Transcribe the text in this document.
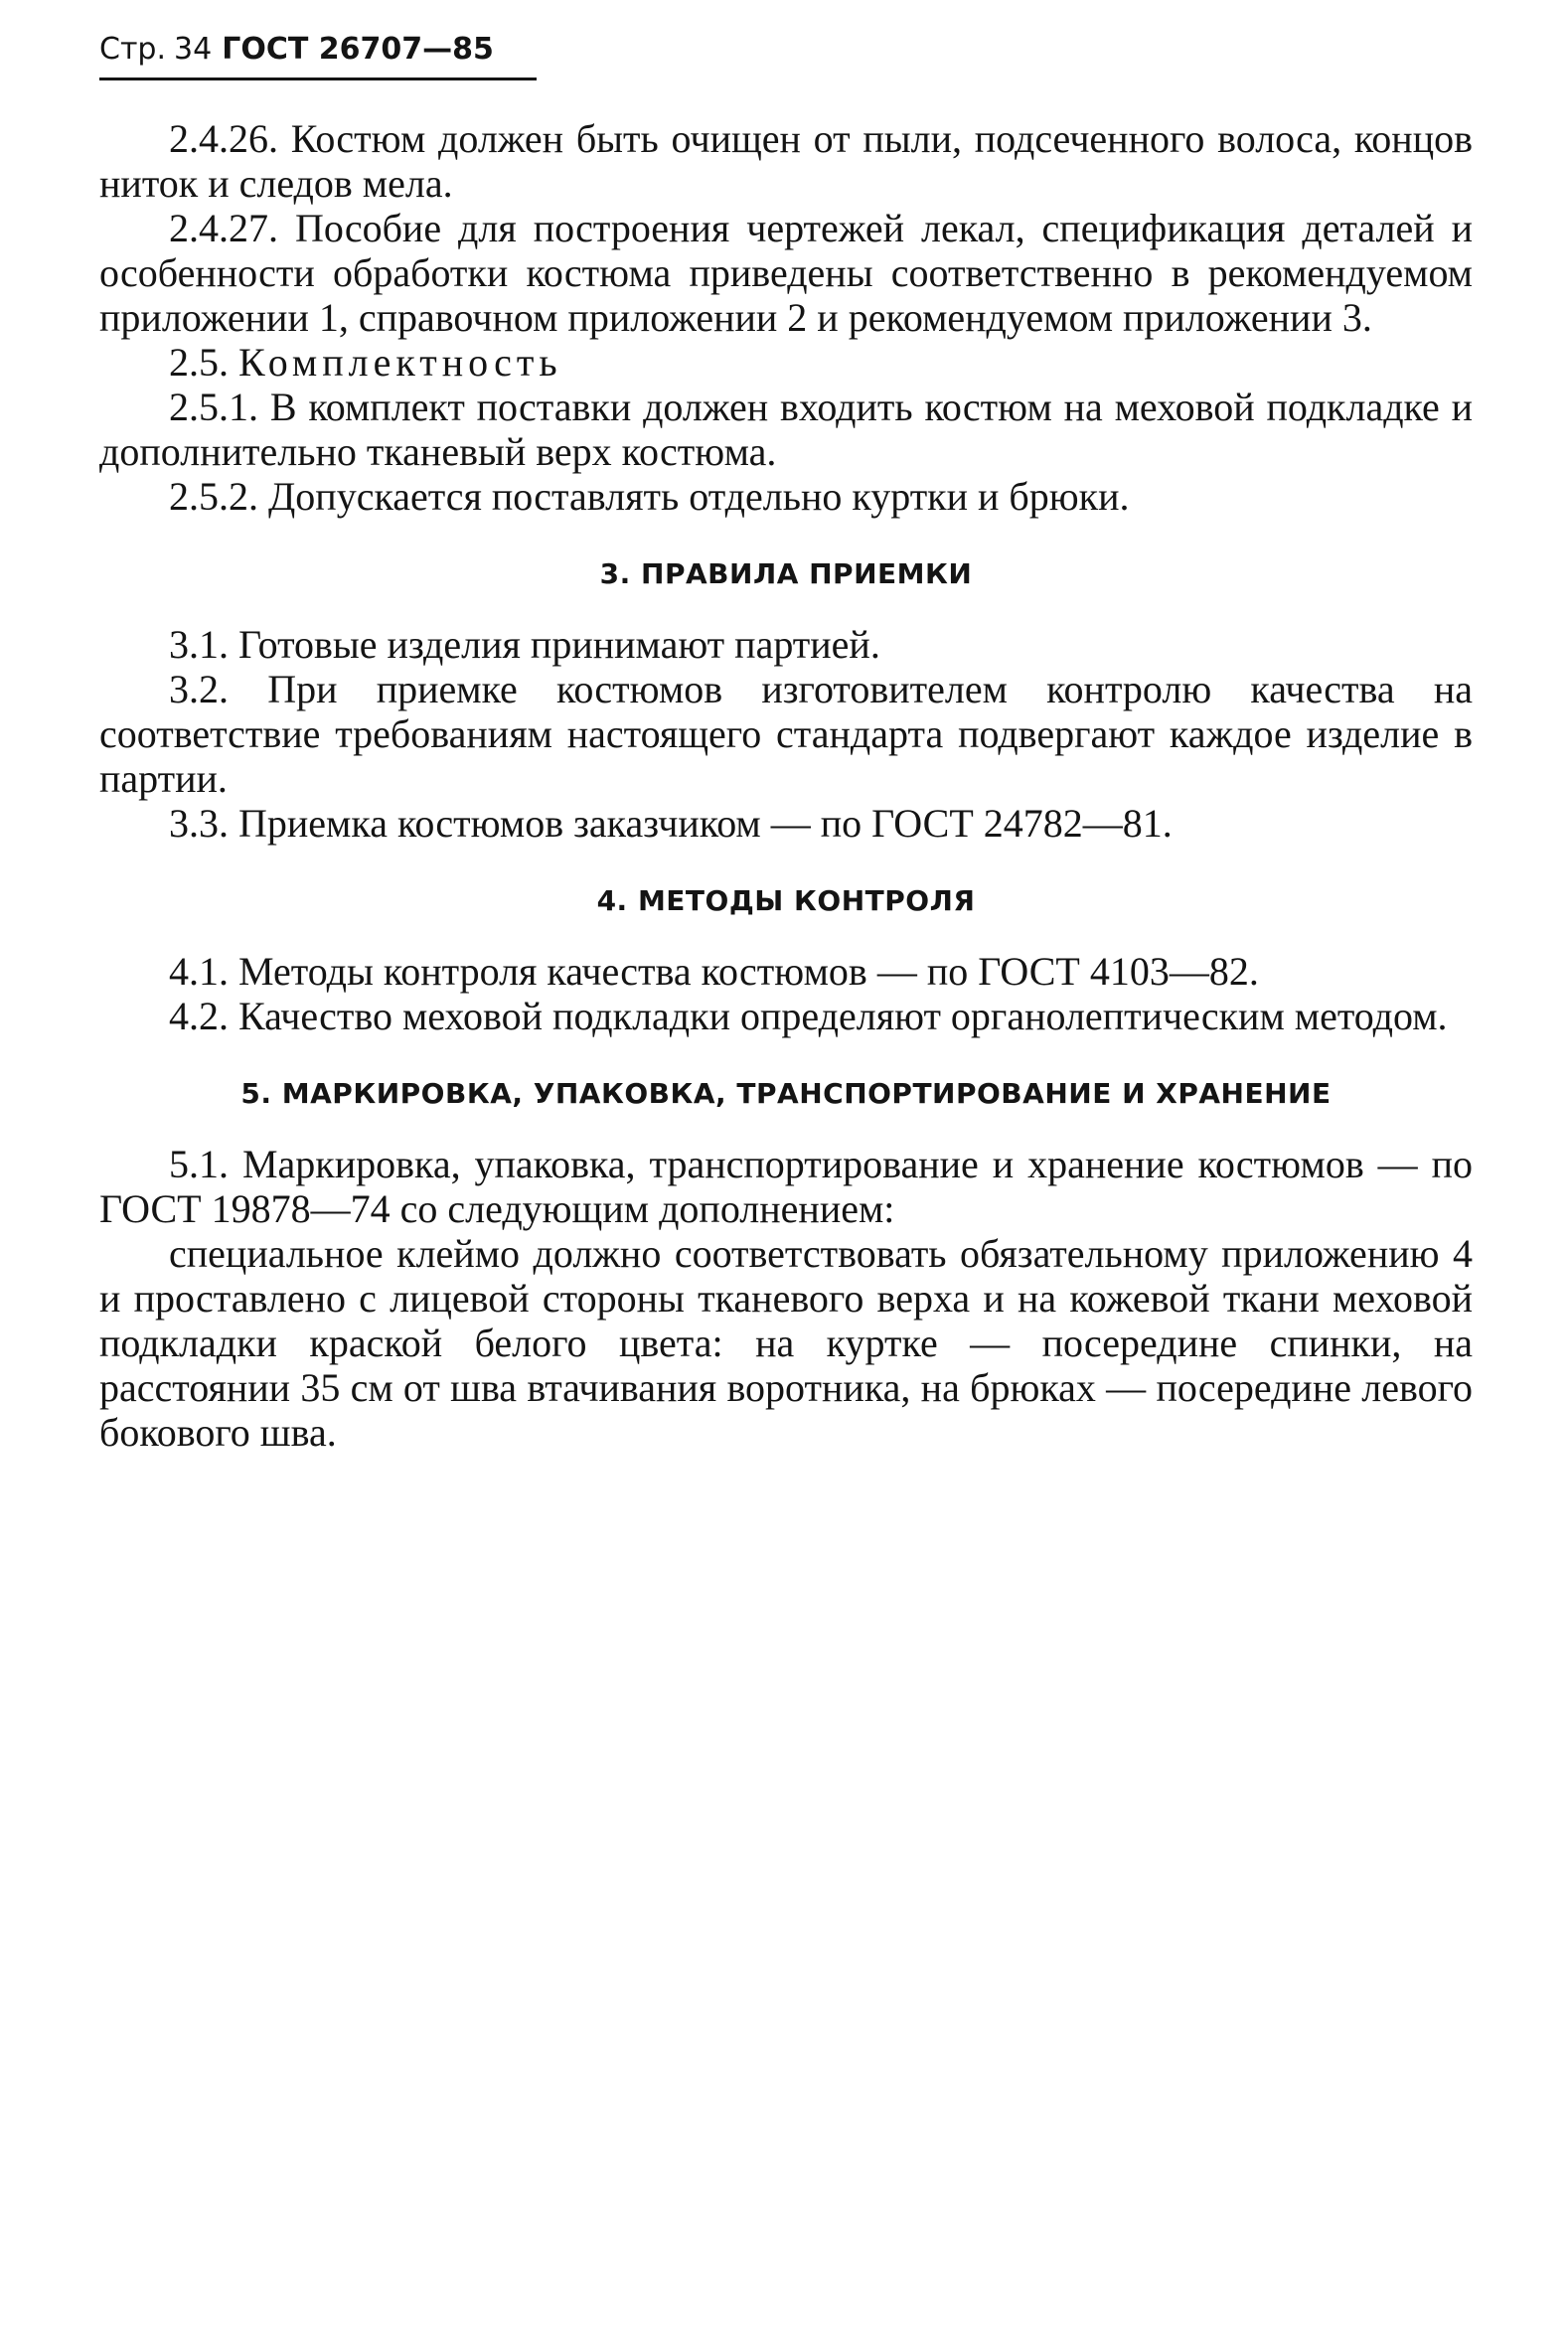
Стр. 34 ГОСТ 26707—85

2.4.26. Костюм должен быть очищен от пыли, подсеченного волоса, концов ниток и следов мела.

2.4.27. Пособие для построения чертежей лекал, спецификация деталей и особенности обработки костюма приведены соответственно в рекомендуемом приложении 1, справочном приложении 2 и рекомендуемом приложении 3.

2.5. Комплектность

2.5.1. В комплект поставки должен входить костюм на меховой подкладке и дополнительно тканевый верх костюма.

2.5.2. Допускается поставлять отдельно куртки и брюки.

3. ПРАВИЛА ПРИЕМКИ

3.1. Готовые изделия принимают партией.

3.2. При приемке костюмов изготовителем контролю качества на соответствие требованиям настоящего стандарта подвергают каждое изделие в партии.

3.3. Приемка костюмов заказчиком — по ГОСТ 24782—81.

4. МЕТОДЫ КОНТРОЛЯ

4.1. Методы контроля качества костюмов — по ГОСТ 4103—82.

4.2. Качество меховой подкладки определяют органолептическим методом.

5. МАРКИРОВКА, УПАКОВКА, ТРАНСПОРТИРОВАНИЕ И ХРАНЕНИЕ

5.1. Маркировка, упаковка, транспортирование и хранение костюмов — по ГОСТ 19878—74 со следующим дополнением:

специальное клеймо должно соответствовать обязательному приложению 4 и проставлено с лицевой стороны тканевого верха и на кожевой ткани меховой подкладки краской белого цвета: на куртке — посередине спинки, на расстоянии 35 см от шва втачивания воротника, на брюках — посередине левого бокового шва.
